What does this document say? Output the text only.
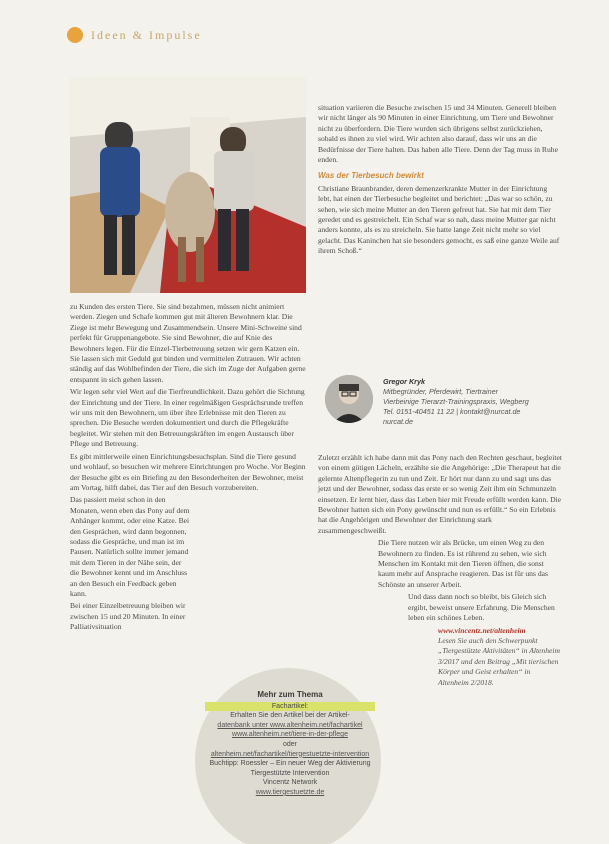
Ideen & Impulse

zu Kunden des ersten Tiere. Sie sind bezahmen, müssen nicht animiert werden. Ziegen und Schafe kommen gut mit älteren Bewohnern klar. Die Ziege ist mehr Bewegung und Zusammendsein. Unsere Mini-Schweine sind perfekt für Gruppenangebote. Sie sind Bewohner, die auf Knie des Bewohners legen. Für die Einzel-Tierbetreuung setzen wir gern Katzen ein. Sie lassen sich mit Geduld gut binden und vermittelen Zutrauen. Wir achten ständig auf das Wohlbefinden der Tiere, die sich im Zuge der Aufgaben gerne entspannt in sich gehen lassen.

Wir legen sehr viel Wert auf die Tierfreundlichkeit. Dazu gehört die Sichtung der Einrichtung und der Tiere. In einer regelmäßigen Gesprächsrunde treffen wir uns mit den Bewohnern, um über ihre Erlebnisse mit den Tieren zu sprechen. Die Besuche werden dokumentiert und durch die Pflegekräfte begleitet. Wir stehen mit den Betreuungskräften im engen Austausch über Pflege und Betreuung.

Es gibt mittlerweile einen Einrichtungsbesuchsplan. Sind die Tiere gesund und wohlauf, so besuchen wir mehrere Einrichtungen pro Woche. Vor Beginn der Besuche gibt es ein Briefing zu den Besonderheiten der Bewohner, meist am Vortag, hilft dabei, das Tier auf den Besuch vorzubereiten.

Das passiert meist schon in den Monaten, wenn eben das Pony auf dem Anhänger kommt, oder eine Katze. Bei den Gesprächen, wird dann begonnen, sodass die Gespräche, und man ist im Pausen. Natürlich sollte immer jemand mit dem Tieren in der Nähe sein, der die Bewohner kennt und im Anschluss an den Besuch ein Feedback geben kann.

Bei einer Einzelbetreuung bleiben wir zwischen 15 und 20 Minuten. In einer Palliativsituation

situation variieren die Besuche zwischen 15 und 34 Minuten. Generell bleiben wir nicht länger als 90 Minuten in einer Einrichtung, um Tiere und Bewohner nicht zu überfordern. Die Tiere wurden sich übrigens selbst zurückziehen, sobald es ihnen zu viel wird. Wir achten also darauf, dass wir uns an die Bedürfnisse der Tiere halten. Das haben alle Tiere. Denn der Tag muss in Ruhe enden.

Was der Tierbesuch bewirkt

Christiane Braunbrander, deren demenzerkrankte Mutter in der Einrichtung lebt, hat einen der Tierbesuche begleitet und berichtet: „Das war so schön, zu sehen, wie sich meine Mutter an den Tieren gefreut hat. Sie hat mit dem Tier geredet und es gestreichelt. Ein Schaf war so nah, dass meine Mutter gar nicht anders konnte, als es zu streicheln. Sie hatte lange Zeit nicht mehr so viel gelacht. Das Kaninchen hat sie besonders gemocht, es saß eine ganze Weile auf ihrem Schoß.“

Gregor Kryk
Mitbegründer, Pferdewirt, Tiertrainer
Vierbeinige Tierarzt-Trainingspraxis, Wegberg
Tel. 0151-40451 11 22 | kontakt@nurcat.de
nurcat.de

Zuletzt erzählt ich habe dann mit das Pony nach den Rechten geschaut, begleitet von einem gütigen Lächeln, erzählte sie die Angehörige: „Die Therapeut hat die gelernte Altenpflegerin zu tun und Zeit. Er hört nur dann zu und sagt uns das jetzt und der Bewohner, sodass das erste er so wenig Zeit ihm ein Schmunzeln einsetzen. Er lernt hier, dass das Leben hier mit Freude erfüllt werden kann. Die Bewohner hatten sich ein Pony gewünscht und nun es erfüllt.“ So ein Erlebnis hat die Angehörigen und Bewohner der Einrichtung stark zusammengeschweißt.

Die Tiere nutzen wir als Brücke, um einen Weg zu den Bewohnern zu finden. Es ist rührend zu sehen, wie sich Menschen im Kontakt mit den Tieren öffnen, die sonst kaum mehr auf Ansprache reagieren. Das ist für uns das Schönste an unserer Arbeit.

Und dass dann noch so bleibt, bis Gleich sich ergibt, beweist unsere Erfahrung. Die Menschen leben ein schönes Leben.

www.vincentz.net/altenheim
Lesen Sie auch den Schwerpunkt „Tiergestützte Aktivitäten“ in Altenheim 3/2017 und den Beitrag „Mit tierischen Körper und Geist erhalten“ in Altenheim 2/2018.

Mehr zum Thema
Fachartikel:
Erhalten Sie den Artikel bei der Artikel-
datenbank unter www.altenheim.net/fachartikel
www.altenheim.net/tiere-in-der-pflege
oder
altenheim.net/fachartikel/tiergestuetzte-intervention
Buchtipp: Roessler – Ein neuer Weg der Aktivierung
Tiergestützte Intervention
Vincentz Network
www.tiergestuetzte.de
